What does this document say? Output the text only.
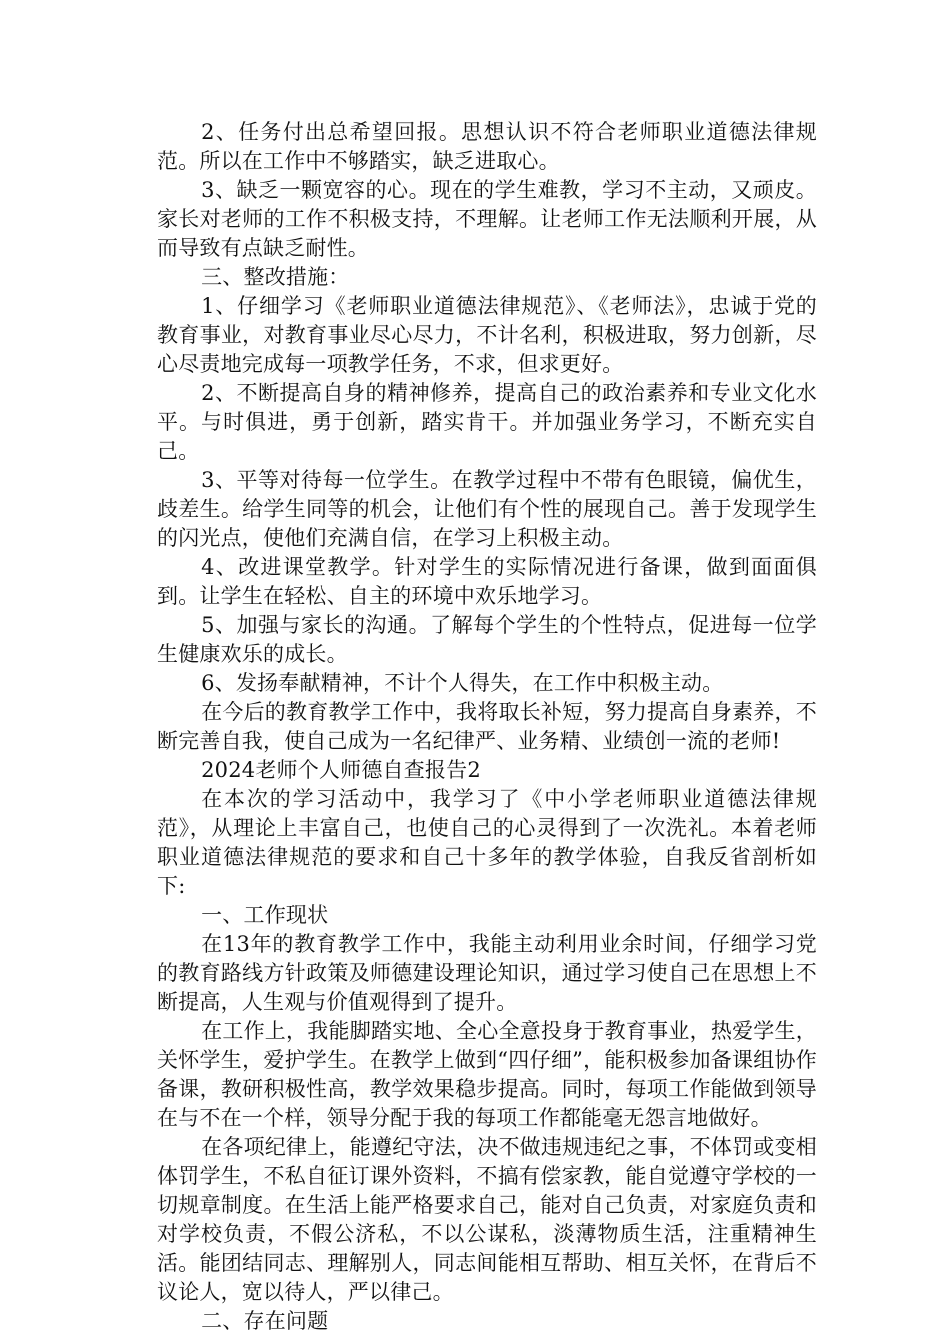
2、任务付出总希望回报。思想认识不符合老师职业道德法律规范。所以在工作中不够踏实，缺乏进取心。

3、缺乏一颗宽容的心。现在的学生难教，学习不主动，又顽皮。家长对老师的工作不积极支持，不理解。让老师工作无法顺利开展，从而导致有点缺乏耐性。

三、整改措施：

1、仔细学习《老师职业道德法律规范》、《老师法》，忠诚于党的教育事业，对教育事业尽心尽力，不计名利，积极进取，努力创新，尽心尽责地完成每一项教学任务，不求，但求更好。

2、不断提高自身的精神修养，提高自己的政治素养和专业文化水平。与时俱进，勇于创新，踏实肯干。并加强业务学习，不断充实自己。

3、平等对待每一位学生。在教学过程中不带有色眼镜，偏优生，歧差生。给学生同等的机会，让他们有个性的展现自己。善于发现学生的闪光点，使他们充满自信，在学习上积极主动。

4、改进课堂教学。针对学生的实际情况进行备课，做到面面俱到。让学生在轻松、自主的环境中欢乐地学习。

5、加强与家长的沟通。了解每个学生的个性特点，促进每一位学生健康欢乐的成长。

6、发扬奉献精神，不计个人得失，在工作中积极主动。

在今后的教育教学工作中，我将取长补短，努力提高自身素养，不断完善自我，使自己成为一名纪律严、业务精、业绩创一流的老师!

2024老师个人师德自查报告2

在本次的学习活动中，我学习了《中小学老师职业道德法律规范》，从理论上丰富自己，也使自己的心灵得到了一次洗礼。本着老师职业道德法律规范的要求和自己十多年的教学体验，自我反省剖析如下:

一、工作现状

在13年的教育教学工作中，我能主动利用业余时间，仔细学习党的教育路线方针政策及师德建设理论知识，通过学习使自己在思想上不断提高，人生观与价值观得到了提升。

在工作上，我能脚踏实地、全心全意投身于教育事业，热爱学生，关怀学生，爱护学生。在教学上做到“四仔细”，能积极参加备课组协作备课，教研积极性高，教学效果稳步提高。同时，每项工作能做到领导在与不在一个样，领导分配于我的每项工作都能毫无怨言地做好。

在各项纪律上，能遵纪守法，决不做违规违纪之事，不体罚或变相体罚学生，不私自征订课外资料，不搞有偿家教，能自觉遵守学校的一切规章制度。在生活上能严格要求自己，能对自己负责，对家庭负责和对学校负责，不假公济私，不以公谋私，淡薄物质生活，注重精神生活。能团结同志、理解别人，同志间能相互帮助、相互关怀，在背后不议论人，宽以待人，严以律己。

二、存在问题
